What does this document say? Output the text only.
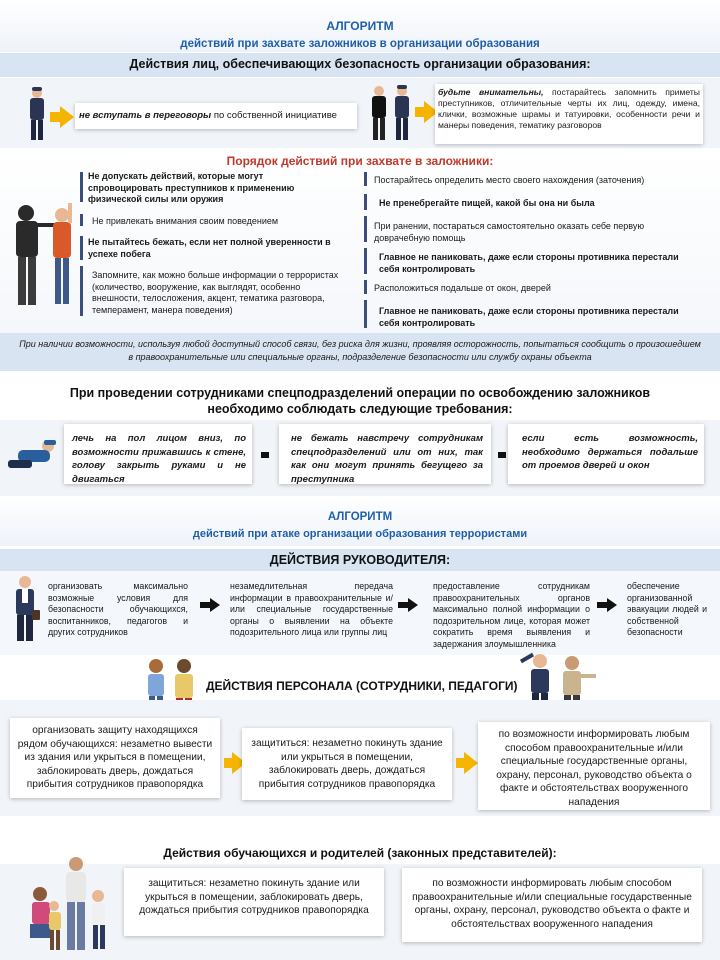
АЛГОРИТМ
действий при захвате заложников в организации образования
Действия лиц, обеспечивающих безопасность организации образования:
не вступать в переговоры по собственной инициативе
будьте внимательны, постарайтесь запомнить приметы преступников, отличительные черты их лиц, одежду, имена, клички, возможные шрамы и татуировки, особенности речи и манеры поведения, тематику разговоров
Порядок действий при захвате в заложники:
Не допускать действий, которые могут спровоцировать преступников к применению физической силы или оружия
Не привлекать внимания своим поведением
Не пытайтесь бежать, если нет полной уверенности в успехе побега
Запомните, как можно больше информации о террористах (количество, вооружение, как выглядят, особенно внешности, телосложения, акцент, тематика разговора, темперамент, манера поведения)
Постарайтесь определить место своего нахождения (заточения)
Не пренебрегайте пищей, какой бы она ни была
При ранении, постараться самостоятельно оказать себе первую доврачебную помощь
Главное не паниковать, даже если стороны противника перестали себя контролировать
Расположиться подальше от окон, дверей
Главное не паниковать, даже если стороны противника перестали себя контролировать
При наличии возможности, используя любой доступный способ связи, без риска для жизни, проявляя осторожность, попытаться сообщить о произошедшем в правоохранительные или специальные органы, подразделение безопасности или службу охраны объекта
При проведении сотрудниками спецподразделений операции по освобождению заложников
необходимо соблюдать следующие требования:
лечь на пол лицом вниз, по возможности прижавшись к стене, голову закрыть руками и не двигаться
не бежать навстречу сотрудникам спецподразделений или от них, так как они могут принять бегущего за преступника
если есть возможность, необходимо держаться подальше от проемов дверей и окон
АЛГОРИТМ
действий при атаке организации образования террористами
ДЕЙСТВИЯ РУКОВОДИТЕЛЯ:
организовать максимально возможные условия для безопасности обучающихся, воспитанников, педагогов и других сотрудников
незамедлительная передача информации в правоохранительные и/или специальные государственные органы о выявлении на объекте подозрительного лица или группы лиц
предоставление сотрудникам правоохранительных органов максимально полной информации о подозрительном лице, которая может сократить время выявления и задержания злоумышленника
обеспечение организованной эвакуации людей и собственной безопасности
ДЕЙСТВИЯ ПЕРСОНАЛА (СОТРУДНИКИ, ПЕДАГОГИ)
организовать защиту находящихся рядом обучающихся: незаметно вывести из здания или укрыться в помещении, заблокировать дверь, дождаться прибытия сотрудников правопорядка
защититься: незаметно покинуть здание или укрыться в помещении, заблокировать дверь, дождаться прибытия сотрудников правопорядка
по возможности информировать любым способом правоохранительные и/или специальные государственные органы, охрану, персонал, руководство объекта о факте и обстоятельствах вооруженного нападения
Действия обучающихся и родителей (законных представителей):
защититься: незаметно покинуть здание или укрыться в помещении, заблокировать дверь, дождаться прибытия сотрудников правопорядка
по возможности информировать любым способом правоохранительные и/или специальные государственные органы, охрану, персонал, руководство объекта о факте и обстоятельствах вооруженного нападения
